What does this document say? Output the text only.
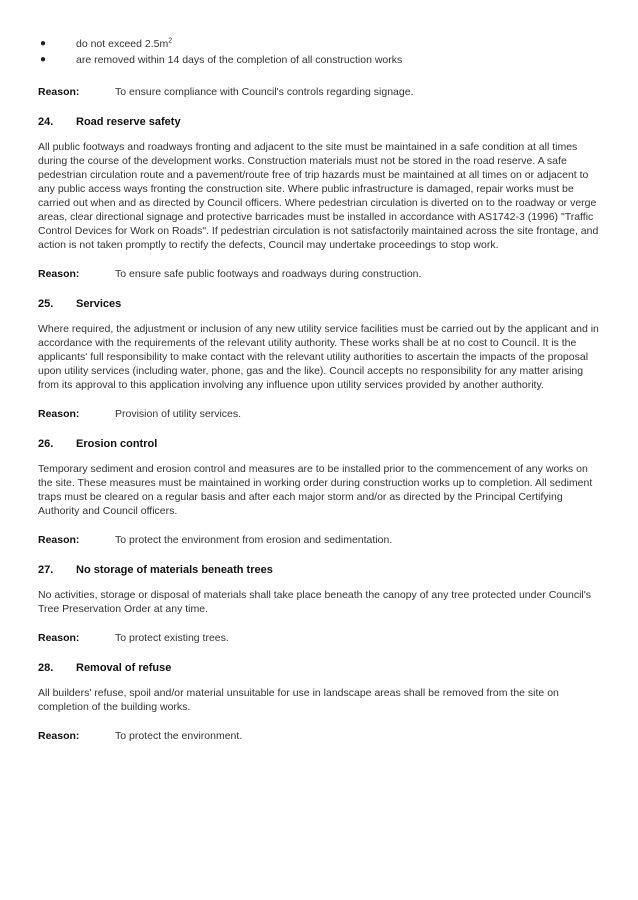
●	do not exceed $2.5m^2$
●	are removed within 14 days of the completion of all construction works
Reason:	To ensure compliance with Council's controls regarding signage.
24.	Road reserve safety

All public footways and roadways fronting and adjacent to the site must be maintained in a safe condition at all times during the course of the development works. Construction materials must not be stored in the road reserve. A safe pedestrian circulation route and a pavement/route free of trip hazards must be maintained at all times on or adjacent to any public access ways fronting the construction site. Where public infrastructure is damaged, repair works must be carried out when and as directed by Council officers. Where pedestrian circulation is diverted on to the roadway or verge areas, clear directional signage and protective barricades must be installed in accordance with AS1742-3 (1996) "Traffic Control Devices for Work on Roads". If pedestrian circulation is not satisfactorily maintained across the site frontage, and action is not taken promptly to rectify the defects, Council may undertake proceedings to stop work.

Reason:	To ensure safe public footways and roadways during construction.
25.	Services

Where required, the adjustment or inclusion of any new utility service facilities must be carried out by the applicant and in accordance with the requirements of the relevant utility authority. These works shall be at no cost to Council. It is the applicants' full responsibility to make contact with the relevant utility authorities to ascertain the impacts of the proposal upon utility services (including water, phone, gas and the like). Council accepts no responsibility for any matter arising from its approval to this application involving any influence upon utility services provided by another authority.

Reason:	Provision of utility services.
26.	Erosion control

Temporary sediment and erosion control and measures are to be installed prior to the commencement of any works on the site. These measures must be maintained in working order during construction works up to completion. All sediment traps must be cleared on a regular basis and after each major storm and/or as directed by the Principal Certifying Authority and Council officers.

Reason:	To protect the environment from erosion and sedimentation.
27.	No storage of materials beneath trees

No activities, storage or disposal of materials shall take place beneath the canopy of any tree protected under Council's Tree Preservation Order at any time.

Reason:	To protect existing trees.
28.	Removal of refuse

All builders' refuse, spoil and/or material unsuitable for use in landscape areas shall be removed from the site on completion of the building works.

Reason:	To protect the environment.
